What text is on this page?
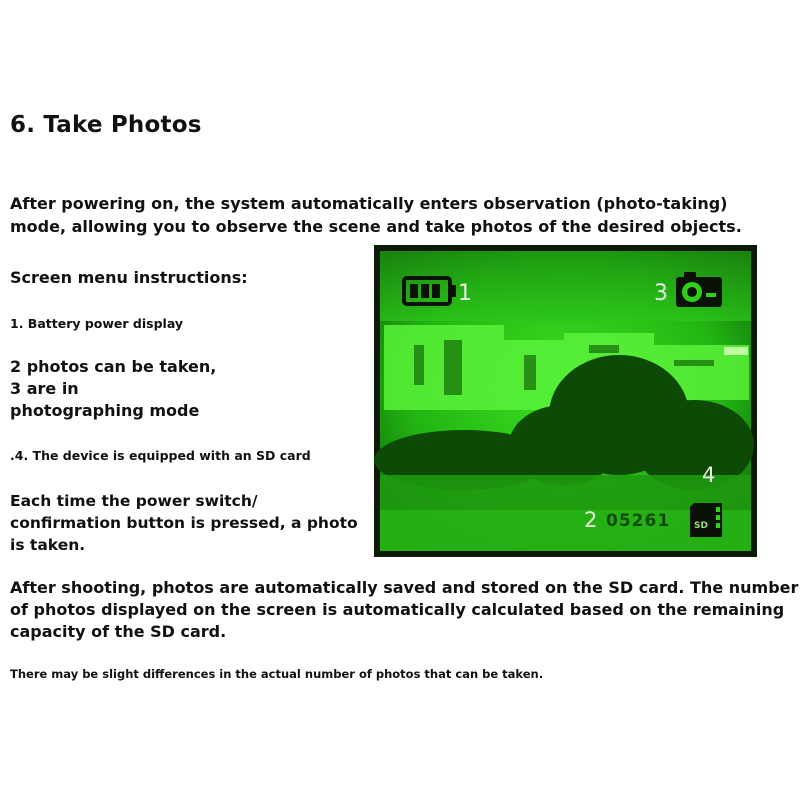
6. Take Photos
After powering on, the system automatically enters observation (photo-taking)
mode, allowing you to observe the scene and take photos of the desired objects.
Screen menu instructions:
1. Battery power display
2 photos can be taken,
3 are in
photographing mode
.4. The device is equipped with an SD card
Each time the power switch/
confirmation button is pressed, a photo
is taken.
After shooting, photos are automatically saved and stored on the SD card. The number
of photos displayed on the screen is automatically calculated based on the remaining
capacity of the SD card.
There may be slight differences in the actual number of photos that can be taken.
SD
1	3
4
2 05261
